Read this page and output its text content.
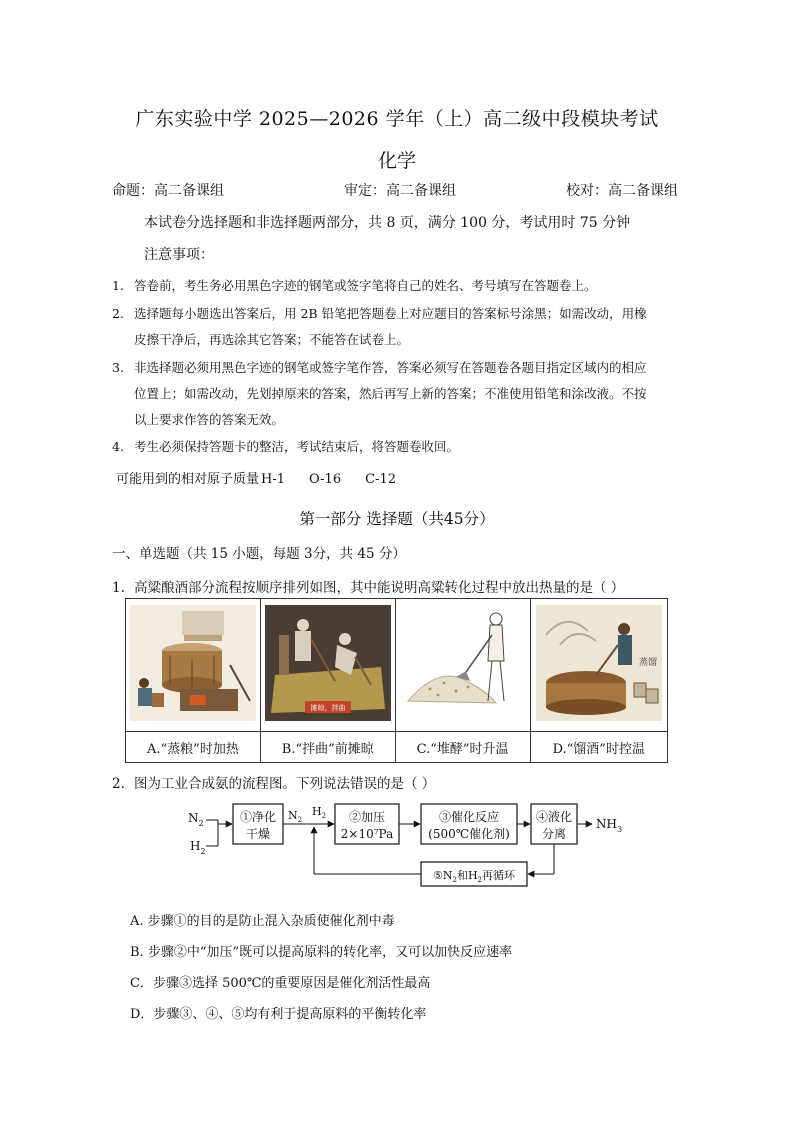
广东实验中学 2025—2026 学年（上）高二级中段模块考试
化学
命题：高二备课组	审定：高二备课组	校对：高二备课组
本试卷分选择题和非选择题两部分，共 8 页，满分 100 分，考试用时 75 分钟
注意事项：
1. 答卷前，考生务必用黑色字迹的钢笔或签字笔将自己的姓名、考号填写在答题卷上。
2. 选择题每小题选出答案后，用 2B 铅笔把答题卷上对应题目的答案标号涂黑；如需改动，用橡
皮擦干净后，再选涂其它答案；不能答在试卷上。
3. 非选择题必须用黑色字迹的钢笔或签字笔作答，答案必须写在答题卷各题目指定区域内的相应
位置上；如需改动，先划掉原来的答案，然后再写上新的答案；不准使用铅笔和涂改液。不按
以上要求作答的答案无效。
4. 考生必须保持答题卡的整洁，考试结束后，将答题卷收回。
可能用到的相对原子质量 H-1 O-16 C-12
第一部分 选择题（共45分）
一、单选题（共 15 小题，每题 3分，共 45 分）
1. 高粱酿酒部分流程按顺序排列如图，其中能说明高粱转化过程中放出热量的是（ ）

摊晾，拌曲		蒸馏

A.“蒸粮”时加热	B.“拌曲”前摊晾	C.“堆酵”时升温	D.“馏酒”时控温
2. 图为工业合成氨的流程图。下列说法错误的是（ ）
$N_2$
$H_2$
①净化
干燥
$N_2$
$H_2$ ②加压
2×10⁷Pa
③催化反应
(500℃催化剂)
④液化
分离
$NH_3$
$⑤N_2$和$H_2$再循环
A. 步骤①的目的是防止混入杂质使催化剂中毒
B. 步骤②中“加压”既可以提高原料的转化率，又可以加快反应速率
C．步骤③选择 500℃的重要原因是催化剂活性最高
D．步骤③、④、⑤均有利于提高原料的平衡转化率
